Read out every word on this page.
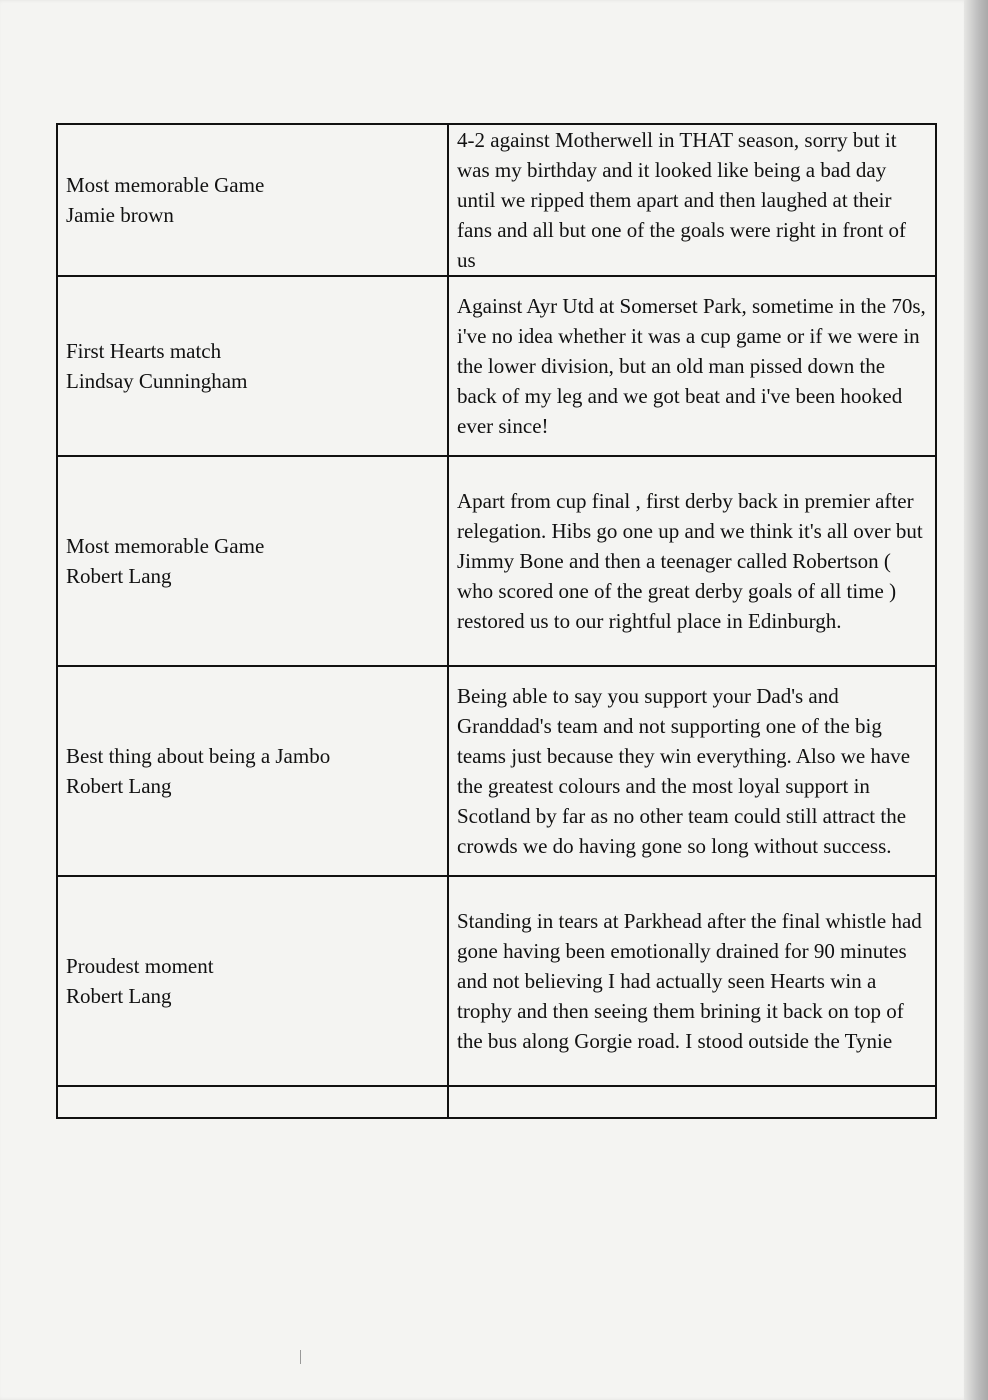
Most memorable Game
Jamie brown	4-2 against Motherwell in THAT season, sorry but it was my birthday and it looked like being a bad day until we ripped them apart and then laughed at their fans and all but one of the goals were right in front of us

First Hearts match
Lindsay Cunningham	Against Ayr Utd at Somerset Park, sometime in the 70s, i've no idea whether it was a cup game or if we were in the lower division, but an old man pissed down the back of my leg and we got beat and i've been hooked ever since!

Most memorable Game
Robert Lang	Apart from cup final , first derby back in premier after relegation. Hibs go one up and we think it's all over but Jimmy Bone and then a teenager called Robertson ( who scored one of the great derby goals of all time ) restored us to our rightful place in Edinburgh.

Best thing about being a Jambo
Robert Lang	Being able to say you support your Dad's and Granddad's team and not supporting one of the big teams just because they win everything. Also we have the greatest colours and the most loyal support in Scotland by far as no other team could still attract the crowds we do having gone so long without success.

Proudest moment
Robert Lang	Standing in tears at Parkhead after the final whistle had gone having been emotionally drained for 90 minutes and not believing I had actually seen Hearts win a trophy and then seeing them brining it back on top of the bus along Gorgie road. I stood outside the Tynie
